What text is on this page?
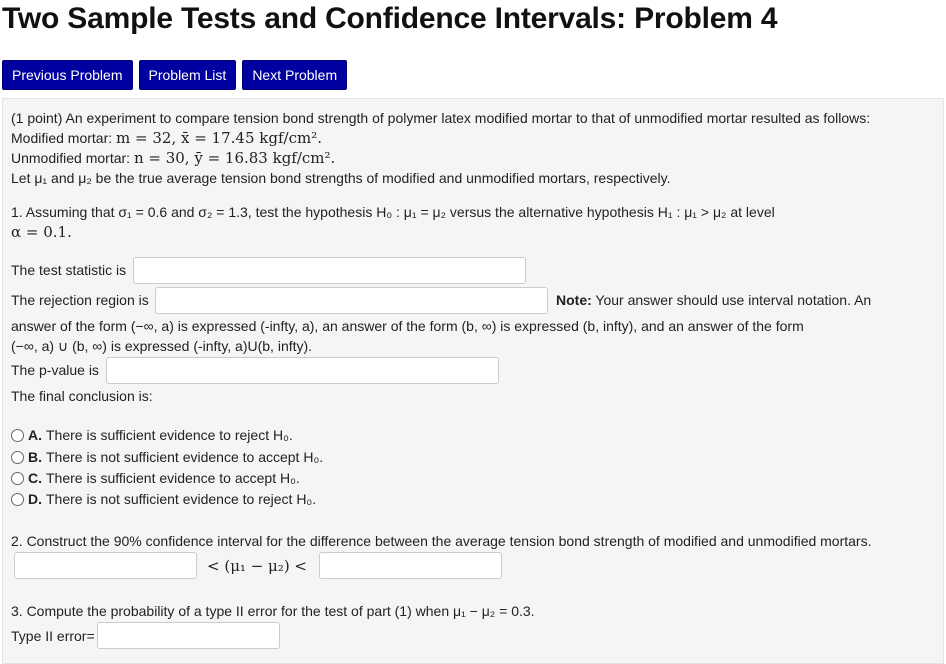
Two Sample Tests and Confidence Intervals: Problem 4
Previous Problem	Problem List	Next Problem
(1 point) An experiment to compare tension bond strength of polymer latex modified mortar to that of unmodified mortar resulted as follows:
Modified mortar: m = 32, x̄ = 17.45 kgf/cm².
Unmodified mortar: n = 30, ȳ = 16.83 kgf/cm².
Let μ₁ and μ₂ be the true average tension bond strengths of modified and unmodified mortars, respectively.
1. Assuming that σ₁ = 0.6 and σ₂ = 1.3, test the hypothesis H₀ : μ₁ = μ₂ versus the alternative hypothesis H₁ : μ₁ > μ₂ at level
α = 0.1.
The test statistic is
The rejection region is	Note: Your answer should use interval notation. An
answer of the form (−∞, a) is expressed (-infty, a), an answer of the form (b, ∞) is expressed (b, infty), and an answer of the form
(−∞, a) ∪ (b, ∞) is expressed (-infty, a)U(b, infty).
The p-value is
The final conclusion is:
A. There is sufficient evidence to reject H₀.
B. There is not sufficient evidence to accept H₀.
C. There is sufficient evidence to accept H₀.
D. There is not sufficient evidence to reject H₀.
2. Construct the 90% confidence interval for the difference between the average tension bond strength of modified and unmodified mortars.
< (μ₁ − μ₂) <
3. Compute the probability of a type II error for the test of part (1) when μ₁ − μ₂ = 0.3.
Type II error=
